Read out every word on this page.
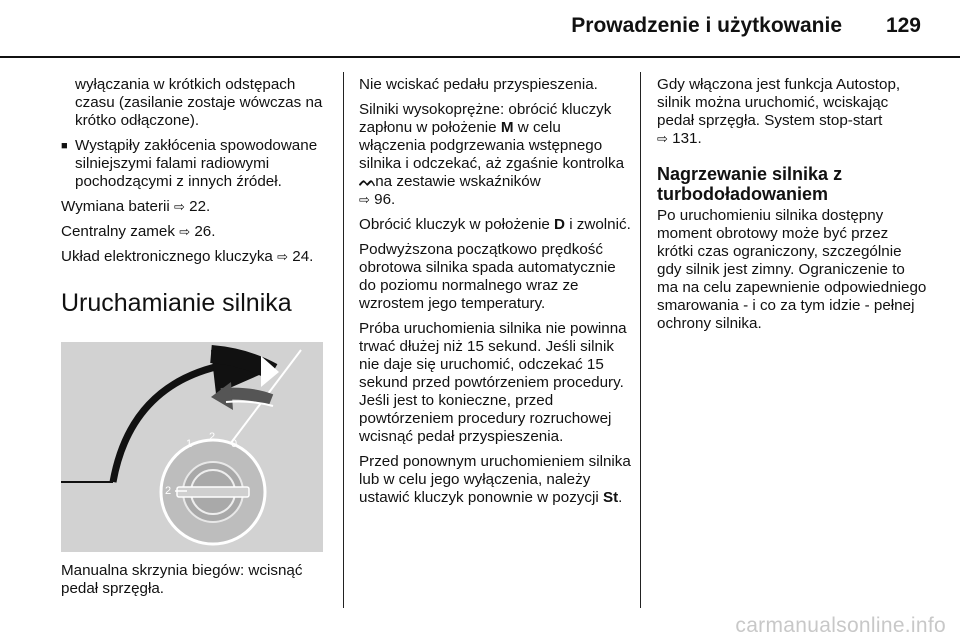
Prowadzenie i użytkowanie 129

wyłączania w krótkich odstępach czasu (zasilanie zostaje wówczas na krótko odłączone).

■ Wystąpiły zakłócenia spowodowane silniejszymi falami radiowymi pochodzącymi z innych źródeł.

Wymiana baterii ⇨ 22.

Centralny zamek ⇨ 26.

Układ elektronicznego kluczyka ⇨ 24.

Uruchamianie silnika
1
2
0
2

Manualna skrzynia biegów: wcisnąć pedał sprzęgła.

Nie wciskać pedału przyspieszenia.

Silniki wysokoprężne: obrócić kluczyk zapłonu w położenie M w celu włączenia podgrzewania wstępnego silnika i odczekać, aż zgaśnie kontrolka ᨓ na zestawie wskaźników
⇨ 96.

Obrócić kluczyk w położenie D i zwolnić.

Podwyższona początkowo prędkość obrotowa silnika spada automatycznie do poziomu normalnego wraz ze wzrostem jego temperatury.

Próba uruchomienia silnika nie powinna trwać dłużej niż 15 sekund. Jeśli silnik nie daje się uruchomić, odczekać 15 sekund przed powtórzeniem procedury. Jeśli jest to konieczne, przed powtórzeniem procedury rozruchowej wcisnąć pedał przyspieszenia.

Przed ponownym uruchomieniem silnika lub w celu jego wyłączenia, należy ustawić kluczyk ponownie w pozycji St.

Gdy włączona jest funkcja Autostop, silnik można uruchomić, wciskając pedał sprzęgła. System stop-start
⇨ 131.

Nagrzewanie silnika z turbodoładowaniem

Po uruchomieniu silnika dostępny moment obrotowy może być przez krótki czas ograniczony, szczególnie gdy silnik jest zimny. Ograniczenie to ma na celu zapewnienie odpowiedniego smarowania - i co za tym idzie - pełnej ochrony silnika.

carmanualsonline.info
